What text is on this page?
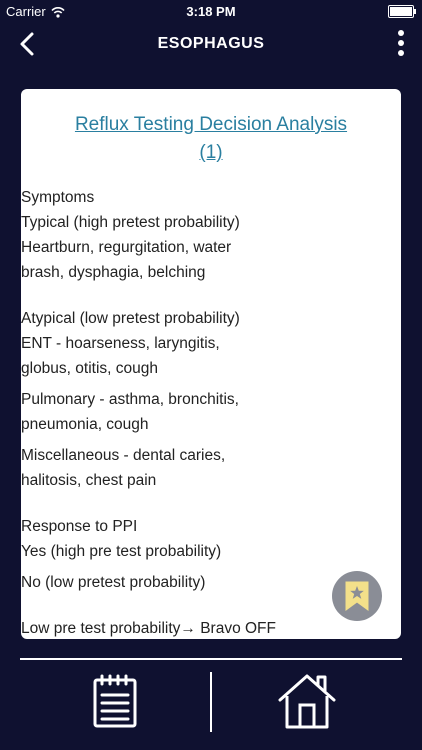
Carrier	3:18 PM
ESOPHAGUS
Reflux Testing Decision Analysis
(1)
Symptoms
Typical (high pretest probability)
Heartburn, regurgitation, water brash, dysphagia, belching
Atypical (low pretest probability)
ENT - hoarseness, laryngitis, globus, otitis, cough
Pulmonary - asthma, bronchitis, pneumonia, cough
Miscellaneous - dental caries, halitosis, chest pain
Response to PPI
Yes (high pre test probability)
No (low pretest probability)
Low pre test probability→ Bravo OFF
